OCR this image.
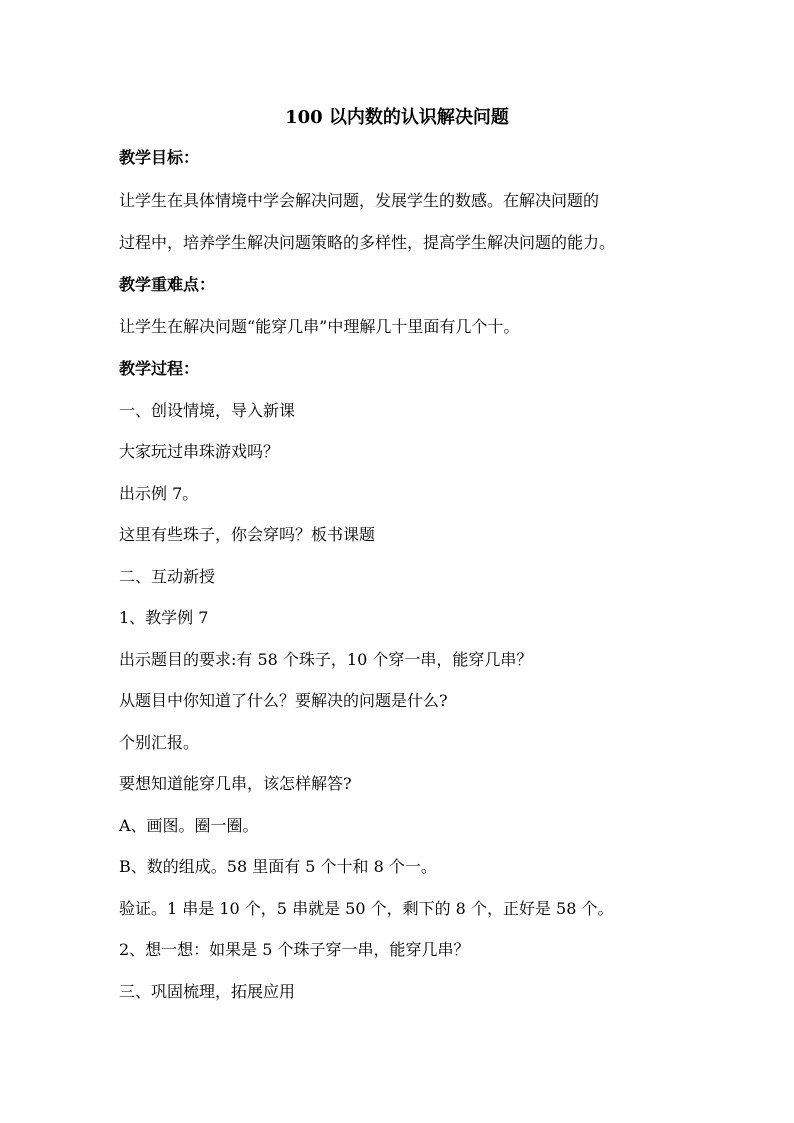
100 以内数的认识解决问题
教学目标：
让学生在具体情境中学会解决问题，发展学生的数感。在解决问题的
过程中，培养学生解决问题策略的多样性，提高学生解决问题的能力。
教学重难点：
让学生在解决问题“能穿几串”中理解几十里面有几个十。
教学过程：
一、创设情境，导入新课
大家玩过串珠游戏吗？
出示例 7。
这里有些珠子，你会穿吗？板书课题
二、互动新授
1、教学例 7
出示题目的要求:有 58 个珠子，10 个穿一串，能穿几串？
从题目中你知道了什么？要解决的问题是什么?
个别汇报。
要想知道能穿几串，该怎样解答?
A、画图。圈一圈。
B、数的组成。58 里面有 5 个十和 8 个一。
验证。1 串是 10 个，5 串就是 50 个，剩下的 8 个，正好是 58 个。
2、想一想：如果是 5 个珠子穿一串，能穿几串？
三、巩固梳理，拓展应用
